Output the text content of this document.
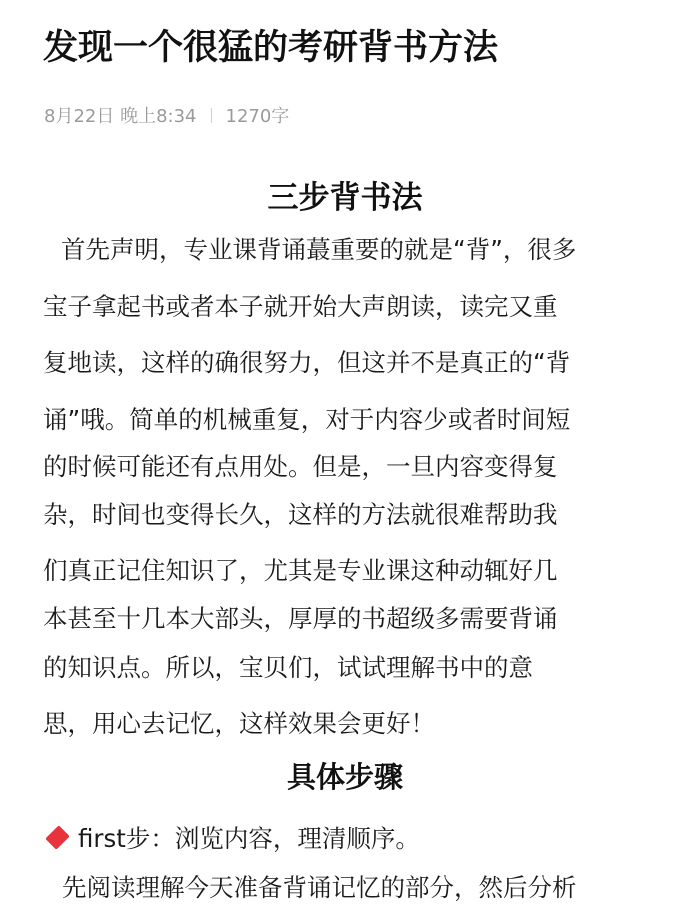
发现一个很猛的考研背书方法
8月22日 晚上8:34 1270字
三步背书法

首先声明，专业课背诵蕞重要的就是“背”，很多

宝子拿起书或者本子就开始大声朗读，读完又重

复地读，这样的确很努力，但这并不是真正的“背

诵”哦。简单的机械重复，对于内容少或者时间短

的时候可能还有点用处。但是，一旦内容变得复

杂，时间也变得长久，这样的方法就很难帮助我

们真正记住知识了，尤其是专业课这种动辄好几

本甚至十几本大部头，厚厚的书超级多需要背诵

的知识点。所以，宝贝们，试试理解书中的意

思，用心去记忆，这样效果会更好！

具体步骤
first步：浏览内容，理清顺序。

先阅读理解今天准备背诵记忆的部分，然后分析
